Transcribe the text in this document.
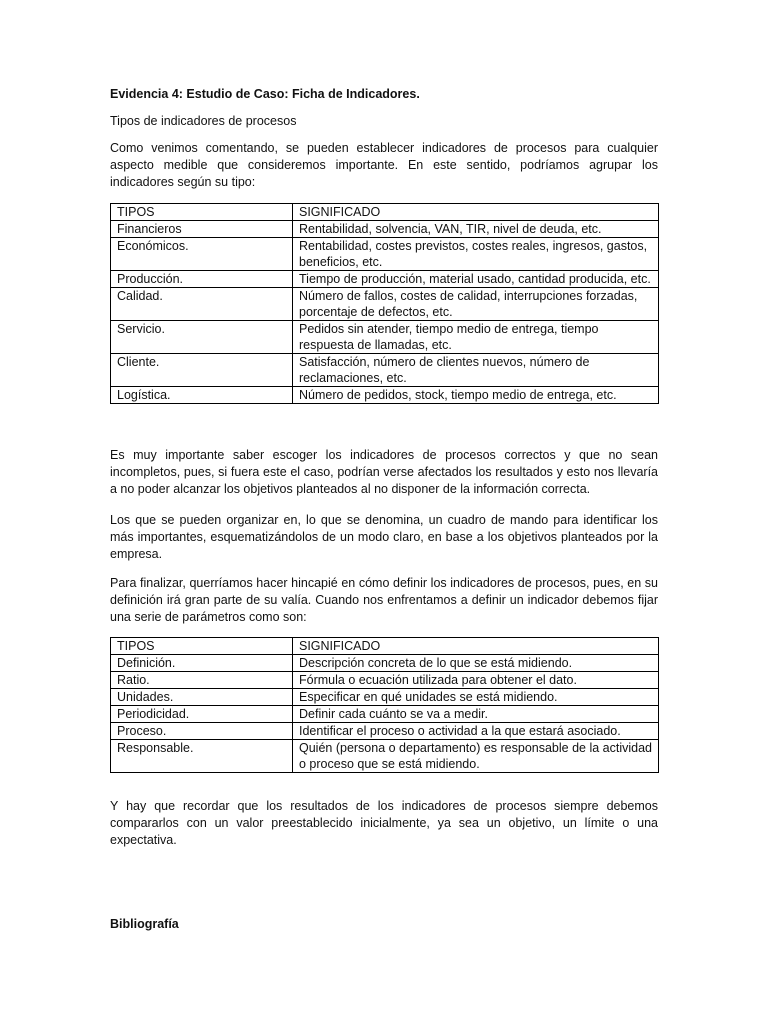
Evidencia 4: Estudio de Caso: Ficha de Indicadores.

Tipos de indicadores de procesos

Como venimos comentando, se pueden establecer indicadores de procesos para cualquier aspecto medible que consideremos importante. En este sentido, podríamos agrupar los indicadores según su tipo:

TIPOS	SIGNIFICADO
Financieros	Rentabilidad, solvencia, VAN, TIR, nivel de deuda, etc.
Económicos.	Rentabilidad, costes previstos, costes reales, ingresos, gastos, beneficios, etc.
Producción.	Tiempo de producción, material usado, cantidad producida, etc.
Calidad.	Número de fallos, costes de calidad, interrupciones forzadas, porcentaje de defectos, etc.
Servicio.	Pedidos sin atender, tiempo medio de entrega, tiempo respuesta de llamadas, etc.
Cliente.	Satisfacción, número de clientes nuevos, número de reclamaciones, etc.
Logística.	Número de pedidos, stock, tiempo medio de entrega, etc.

Es muy importante saber escoger los indicadores de procesos correctos y que no sean incompletos, pues, si fuera este el caso, podrían verse afectados los resultados y esto nos llevaría a no poder alcanzar los objetivos planteados al no disponer de la información correcta.

Los que se pueden organizar en, lo que se denomina, un cuadro de mando para identificar los más importantes, esquematizándolos de un modo claro, en base a los objetivos planteados por la empresa.

Para finalizar, querríamos hacer hincapié en cómo definir los indicadores de procesos, pues, en su definición irá gran parte de su valía. Cuando nos enfrentamos a definir un indicador debemos fijar una serie de parámetros como son:

TIPOS	SIGNIFICADO
Definición.	Descripción concreta de lo que se está midiendo.
Ratio.	Fórmula o ecuación utilizada para obtener el dato.
Unidades.	Especificar en qué unidades se está midiendo.
Periodicidad.	Definir cada cuánto se va a medir.
Proceso.	Identificar el proceso o actividad a la que estará asociado.
Responsable.	Quién (persona o departamento) es responsable de la actividad o proceso que se está midiendo.

Y hay que recordar que los resultados de los indicadores de procesos siempre debemos compararlos con un valor preestablecido inicialmente, ya sea un objetivo, un límite o una expectativa.

Bibliografía
